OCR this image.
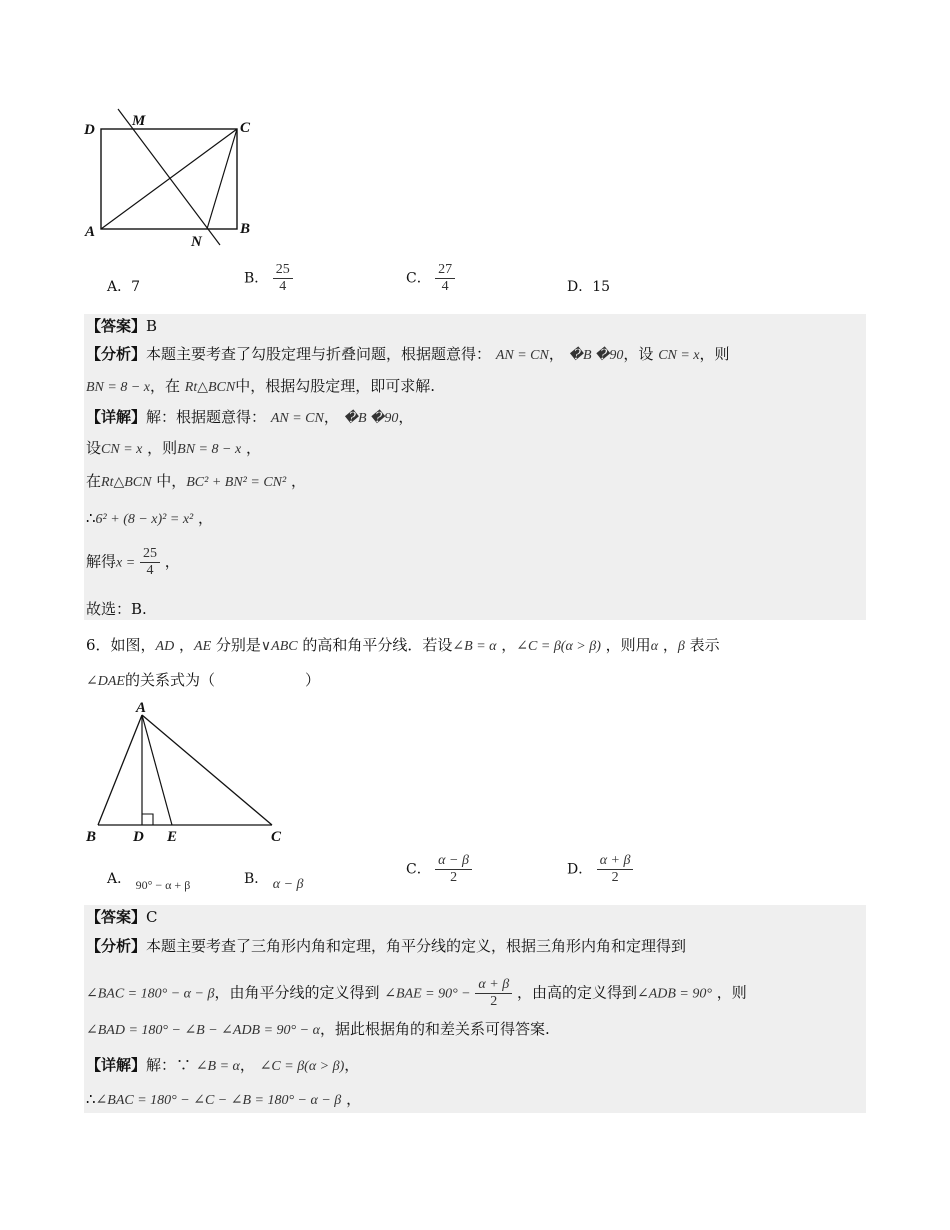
D
M	C
A
N
B
A．7
B． $\frac{25}{4}$	C． $\frac{27}{4}$	D．15
【答案】B
【分析】本题主要考查了勾股定理与折叠问题，根据题意得： AN = CN， �B �90，设 CN = x，则
BN = 8 − x，在 Rt△BCN中，根据勾股定理，即可求解.
【详解】解：根据题意得： AN = CN， �B �90，
设CN = x ，则BN = 8 − x ，
在Rt△BCN 中，BC² + BN² = CN² ，
∴6² + (8 − x)² = x² ，
解得$x = \frac{25}{4}$ ，
故选：B.
6．如图，AD ，AE 分别是∨ABC 的高和角平分线．若设∠B = α ，∠C = β(α > β) ，则用α ，β 表示
∠DAE的关系式为（　　　　　　）
A
B D E	C
A． 90° − α + β	B． α − β
C． $\frac{\alpha - \beta}{2}$	D． $\frac{\alpha + \beta}{2}$
【答案】C
【分析】本题主要考查了三角形内角和定理，角平分线的定义，根据三角形内角和定理得到
∠BAC = 180° − α − β，由角平分线的定义得到 ∠BAE = $90^\circ - \frac{\alpha + \beta}{2}$ ，由高的定义得到∠ADB = 90° ，则
∠BAD = 180° − ∠B − ∠ADB = 90° − α，据此根据角的和差关系可得答案.
【详解】解：∵ ∠B = α， ∠C = β(α > β)，
∴∠BAC = 180° − ∠C − ∠B = 180° − α − β ，
